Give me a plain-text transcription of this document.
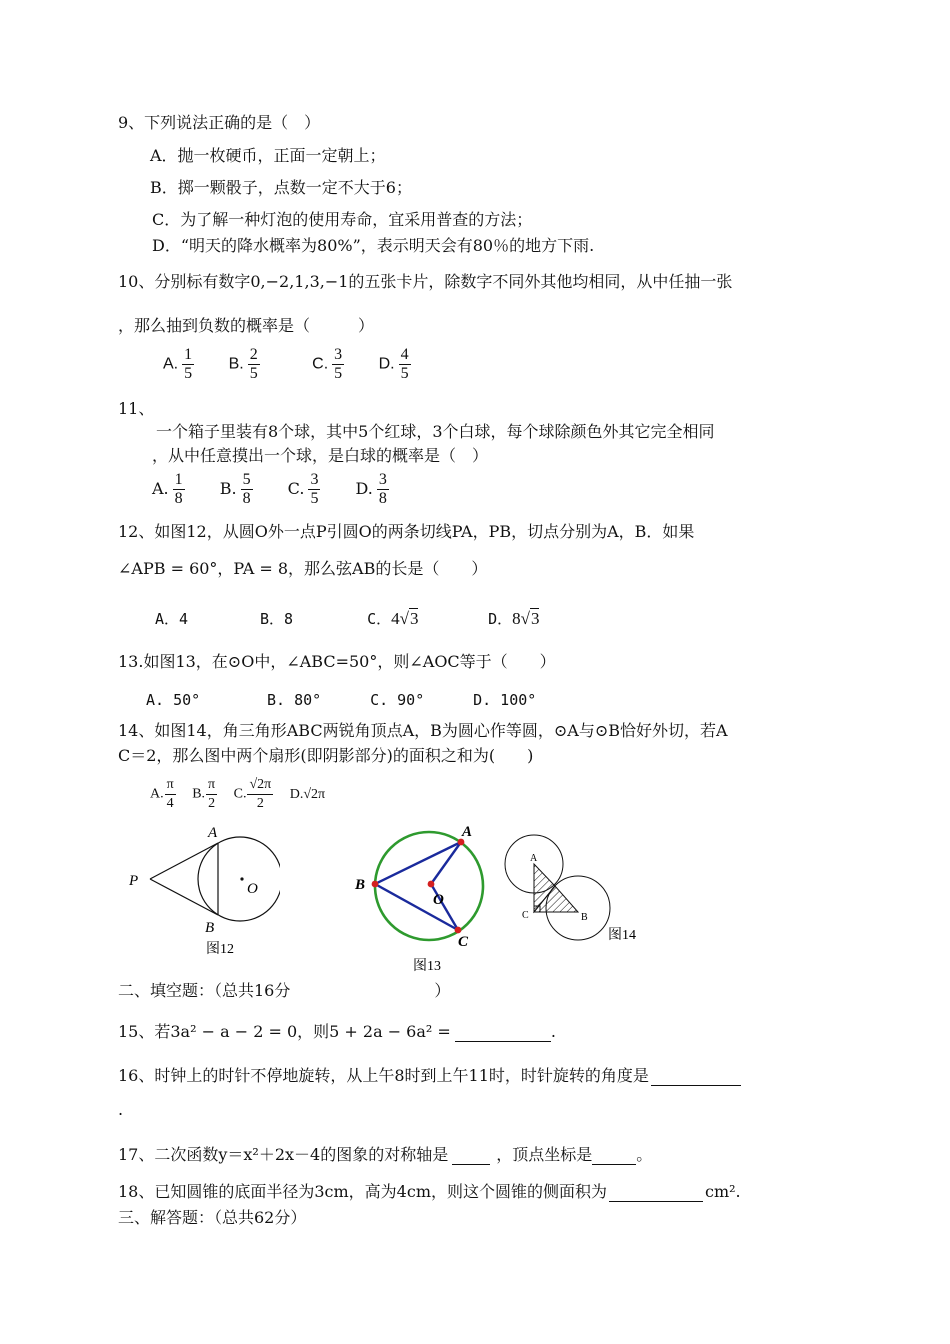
9、下列说法正确的是（　）
A．抛一枚硬币，正面一定朝上；
B．掷一颗骰子，点数一定不大于6；
C．为了解一种灯泡的使用寿命，宜采用普查的方法；
D．“明天的降水概率为80%”，表示明天会有80％的地方下雨.
10、分别标有数字0,−2,1,3,−1的五张卡片，除数字不同外其他均相同，从中任抽一张
，那么抽到负数的概率是（　　　）
A. $\frac{1}{5} B$. $\frac{2}{5}$	C. $\frac{3}{5} D$. $\frac{4}{5}$
11、
一个箱子里装有8个球，其中5个红球，3个白球，每个球除颜色外其它完全相同
，从中任意摸出一个球，是白球的概率是（　）
A. $\frac{1}{8} B$. $\frac{5}{8} C$. $\frac{3}{5} D$. $\frac{3}{8}$
12、如图12，从圆O外一点P引圆O的两条切线PA，PB，切点分别为A，B．如果
∠APB = 60°，PA = 8，那么弦AB的长是（　　）
A．4	B．8	C．4√3	D．8√3
13.如图13，在⊙O中，∠ABC=50°，则∠AOC等于（　　）
A. 50°	B. 80°	C. 90°	D. 100°
14、如图14，角三角形ABC两锐角顶点A，B为圆心作等圆，⊙A与⊙B恰好外切，若A
C＝2，那么图中两个扇形(即阴影部分)的面积之和为(　　)
A. $\frac{\pi}{4} B$. $\frac{\pi}{2} C$. $\frac{√2\pi}{2} D.√2\pi$
P
A
B
O
图12
A
B
C
O
图13
A
C	B
图14
二、填空题：（总共16分　　　　　　　　　）
15、若3a² − a − 2 = 0，则5 + 2a − 6a² =	.
16、时钟上的时针不停地旋转，从上午8时到上午11时，时针旋转的角度是
.
17、二次函数y＝x²＋2x－4的图象的对称轴是	，顶点坐标是	。
18、已知圆锥的底面半径为3cm，高为4cm，则这个圆锥的侧面积为	cm².
三、解答题：（总共62分）
